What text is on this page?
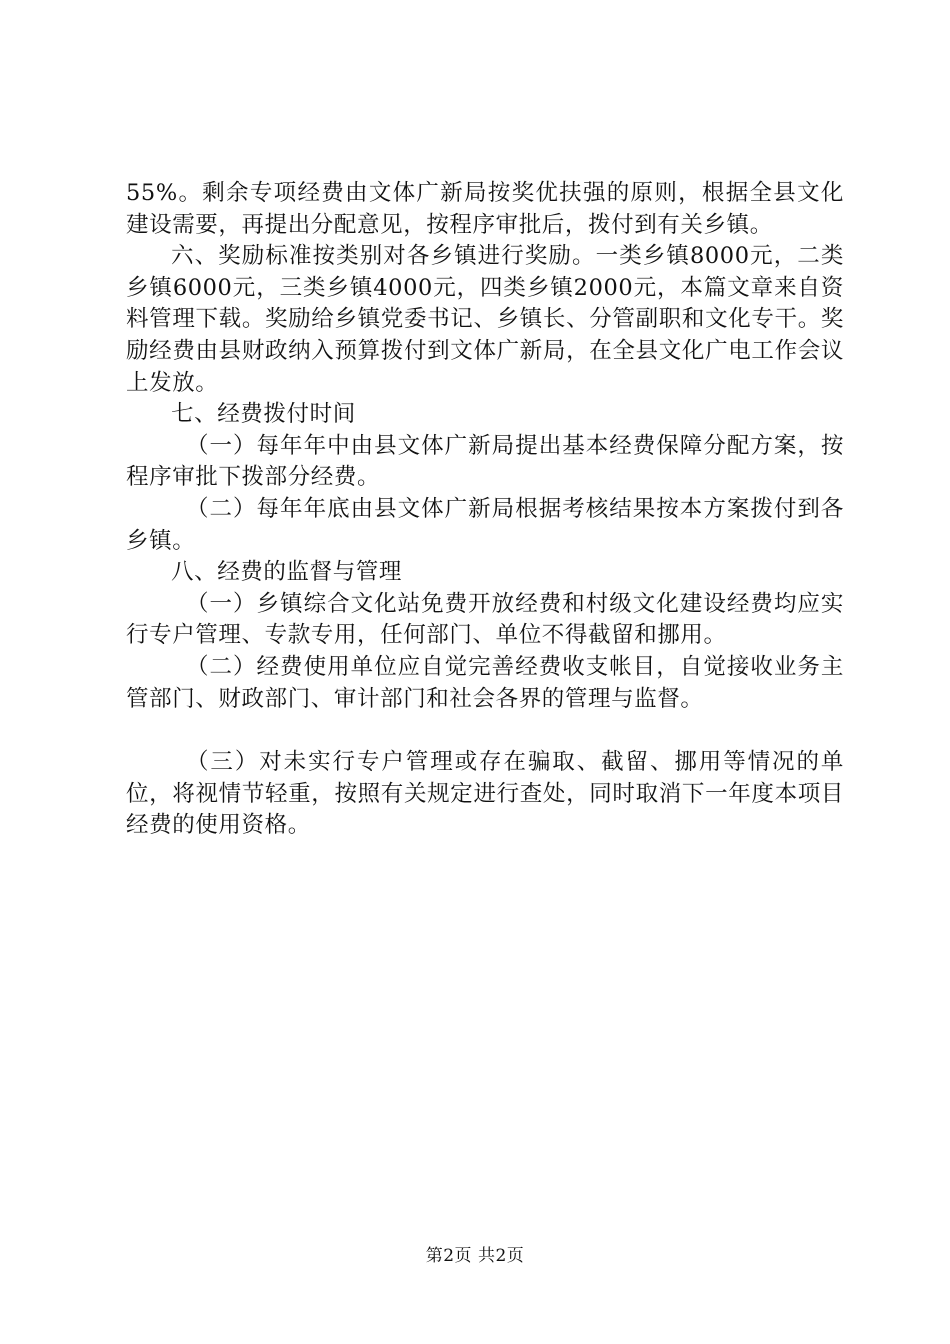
55%。剩余专项经费由文体广新局按奖优扶强的原则，根据全县文化建设需要，再提出分配意见，按程序审批后，拨付到有关乡镇。

六、奖励标准按类别对各乡镇进行奖励。一类乡镇8000元，二类乡镇6000元，三类乡镇4000元，四类乡镇2000元，本篇文章来自资料管理下载。奖励给乡镇党委书记、乡镇长、分管副职和文化专干。奖励经费由县财政纳入预算拨付到文体广新局，在全县文化广电工作会议上发放。

七、经费拨付时间

（一）每年年中由县文体广新局提出基本经费保障分配方案，按程序审批下拨部分经费。

（二）每年年底由县文体广新局根据考核结果按本方案拨付到各乡镇。

八、经费的监督与管理

（一）乡镇综合文化站免费开放经费和村级文化建设经费均应实行专户管理、专款专用，任何部门、单位不得截留和挪用。

（二）经费使用单位应自觉完善经费收支帐目，自觉接收业务主管部门、财政部门、审计部门和社会各界的管理与监督。

（三）对未实行专户管理或存在骗取、截留、挪用等情况的单位，将视情节轻重，按照有关规定进行查处，同时取消下一年度本项目经费的使用资格。

第2页 共2页
